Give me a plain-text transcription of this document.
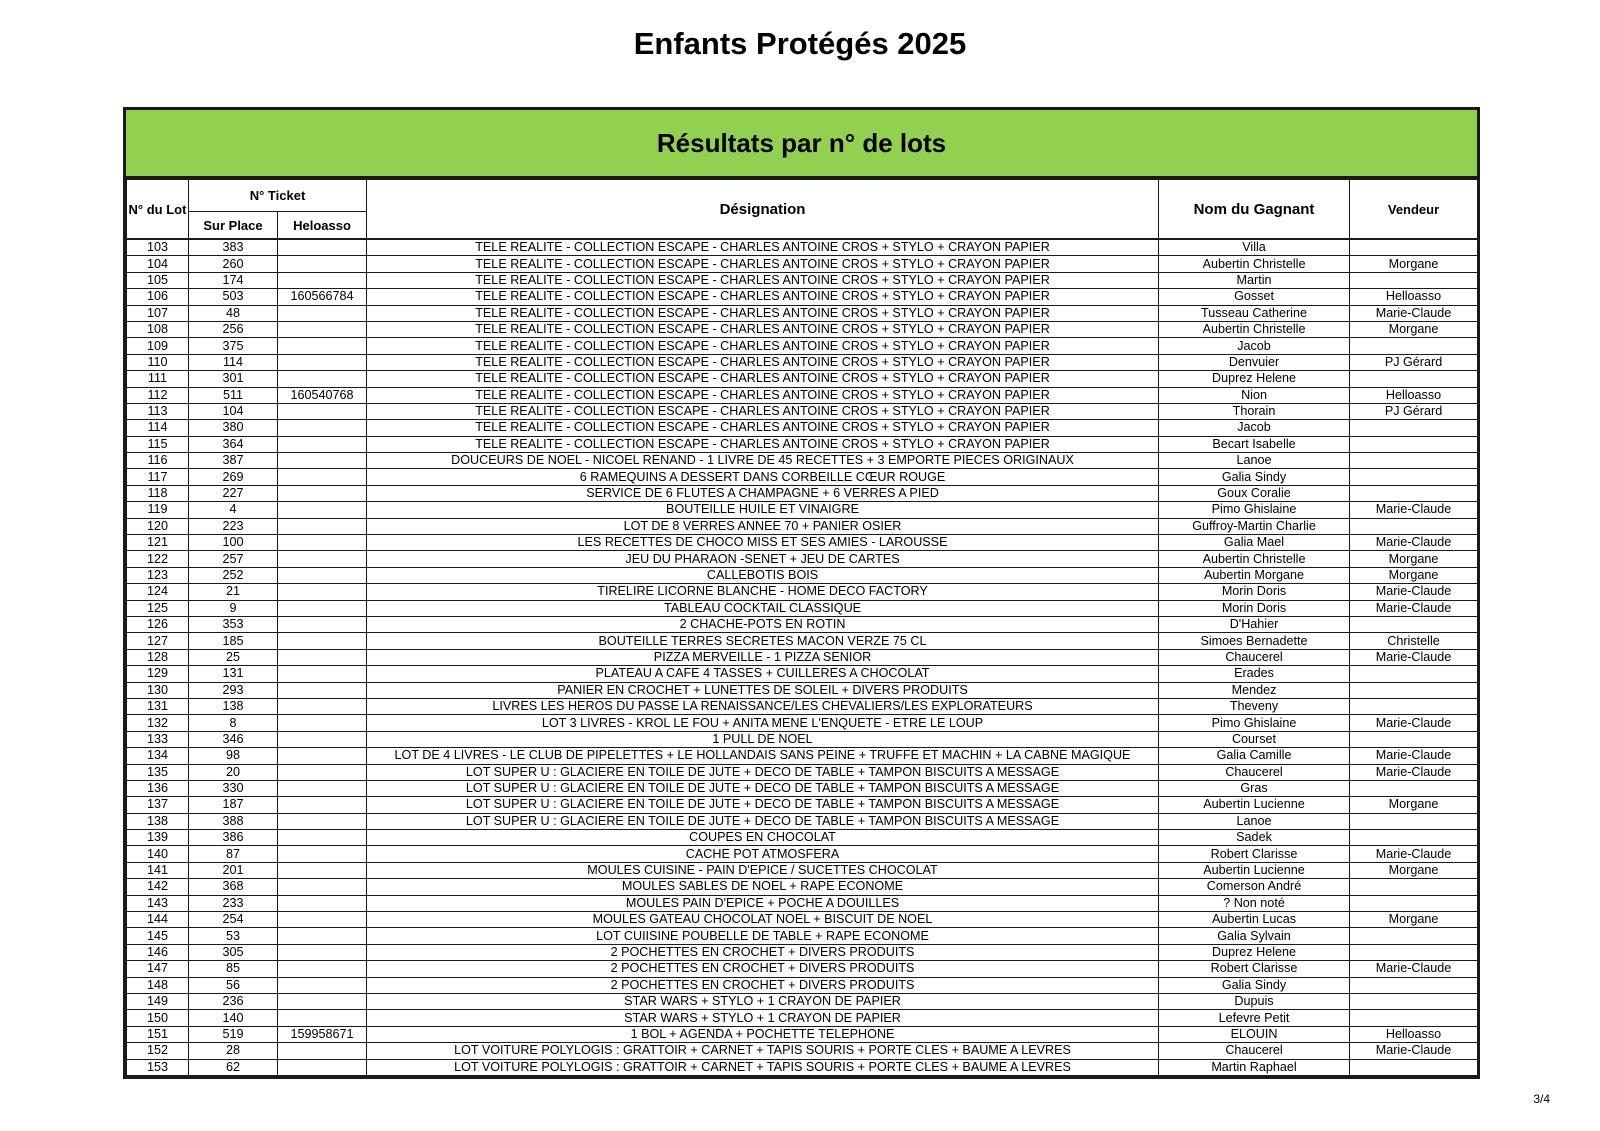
Enfants Protégés 2025
Résultats par n° de lots
N° du Lot	N° Ticket		Désignation	Nom du Gagnant	Vendeur
	Sur Place	Heloasso			
103	383		TELE REALITE - COLLECTION ESCAPE - CHARLES ANTOINE CROS + STYLO + CRAYON PAPIER	Villa	
104	260		TELE REALITE - COLLECTION ESCAPE - CHARLES ANTOINE CROS + STYLO + CRAYON PAPIER	Aubertin Christelle	Morgane
105	174		TELE REALITE - COLLECTION ESCAPE - CHARLES ANTOINE CROS + STYLO + CRAYON PAPIER	Martin	
106	503	160566784	TELE REALITE - COLLECTION ESCAPE - CHARLES ANTOINE CROS + STYLO + CRAYON PAPIER	Gosset	Helloasso
107	48		TELE REALITE - COLLECTION ESCAPE - CHARLES ANTOINE CROS + STYLO + CRAYON PAPIER	Tusseau Catherine	Marie-Claude
108	256		TELE REALITE - COLLECTION ESCAPE - CHARLES ANTOINE CROS + STYLO + CRAYON PAPIER	Aubertin Christelle	Morgane
109	375		TELE REALITE - COLLECTION ESCAPE - CHARLES ANTOINE CROS + STYLO + CRAYON PAPIER	Jacob	
110	114		TELE REALITE - COLLECTION ESCAPE - CHARLES ANTOINE CROS + STYLO + CRAYON PAPIER	Denvuier	PJ Gérard
111	301		TELE REALITE - COLLECTION ESCAPE - CHARLES ANTOINE CROS + STYLO + CRAYON PAPIER	Duprez Helene	
112	511	160540768	TELE REALITE - COLLECTION ESCAPE - CHARLES ANTOINE CROS + STYLO + CRAYON PAPIER	Nion	Helloasso
113	104		TELE REALITE - COLLECTION ESCAPE - CHARLES ANTOINE CROS + STYLO + CRAYON PAPIER	Thorain	PJ Gérard
114	380		TELE REALITE - COLLECTION ESCAPE - CHARLES ANTOINE CROS + STYLO + CRAYON PAPIER	Jacob	
115	364		TELE REALITE - COLLECTION ESCAPE - CHARLES ANTOINE CROS + STYLO + CRAYON PAPIER	Becart Isabelle	
116	387		DOUCEURS DE NOEL - NICOEL RENAND - 1 LIVRE DE 45 RECETTES + 3 EMPORTE PIECES ORIGINAUX	Lanoe	
117	269		6 RAMEQUINS A DESSERT DANS CORBEILLE CŒUR ROUGE	Galia Sindy	
118	227		SERVICE DE 6 FLUTES A CHAMPAGNE + 6 VERRES A PIED	Goux Coralie	
119	4		BOUTEILLE HUILE ET VINAIGRE	Pimo Ghislaine	Marie-Claude
120	223		LOT DE 8 VERRES ANNEE 70 + PANIER OSIER	Guffroy-Martin Charlie	
121	100		LES RECETTES DE CHOCO MISS ET SES AMIES - LAROUSSE	Galia Mael	Marie-Claude
122	257		JEU DU PHARAON -SENET + JEU DE CARTES	Aubertin Christelle	Morgane
123	252		CALLEBOTIS BOIS	Aubertin Morgane	Morgane
124	21		TIRELIRE LICORNE BLANCHE - HOME DECO FACTORY	Morin Doris	Marie-Claude
125	9		TABLEAU COCKTAIL CLASSIQUE	Morin Doris	Marie-Claude
126	353		2 CHACHE-POTS EN ROTIN	D'Hahier	
127	185		BOUTEILLE TERRES SECRETES MACON VERZE 75 CL	Simoes Bernadette	Christelle
128	25		PIZZA MERVEILLE - 1 PIZZA SENIOR	Chaucerel	Marie-Claude
129	131		PLATEAU A CAFE 4 TASSES + CUILLERES A CHOCOLAT	Erades	
130	293		PANIER EN CROCHET + LUNETTES DE SOLEIL + DIVERS PRODUITS	Mendez	
131	138		LIVRES LES HEROS DU PASSE LA RENAISSANCE/LES CHEVALIERS/LES EXPLORATEURS	Theveny	
132	8		LOT 3 LIVRES - KROL LE FOU + ANITA MENE L'ENQUETE - ETRE LE LOUP	Pimo Ghislaine	Marie-Claude
133	346		1 PULL DE NOEL	Courset	
134	98		LOT DE 4 LIVRES - LE CLUB DE PIPELETTES + LE HOLLANDAIS SANS PEINE + TRUFFE ET MACHIN + LA CABNE MAGIQUE	Galia Camille	Marie-Claude
135	20		LOT SUPER U : GLACIERE EN TOILE DE JUTE + DECO DE TABLE + TAMPON BISCUITS A MESSAGE	Chaucerel	Marie-Claude
136	330		LOT SUPER U : GLACIERE EN TOILE DE JUTE + DECO DE TABLE + TAMPON BISCUITS A MESSAGE	Gras	
137	187		LOT SUPER U : GLACIERE EN TOILE DE JUTE + DECO DE TABLE + TAMPON BISCUITS A MESSAGE	Aubertin Lucienne	Morgane
138	388		LOT SUPER U : GLACIERE EN TOILE DE JUTE + DECO DE TABLE + TAMPON BISCUITS A MESSAGE	Lanoe	
139	386		COUPES EN CHOCOLAT	Sadek	
140	87		CACHE POT ATMOSFERA	Robert Clarisse	Marie-Claude
141	201		MOULES CUISINE - PAIN D'EPICE / SUCETTES CHOCOLAT	Aubertin Lucienne	Morgane
142	368		MOULES SABLES DE NOEL + RAPE ECONOME	Comerson André	
143	233		MOULES PAIN D'EPICE + POCHE A DOUILLES	? Non noté	
144	254		MOULES GATEAU CHOCOLAT NOEL + BISCUIT DE NOEL	Aubertin Lucas	Morgane
145	53		LOT CUIISINE POUBELLE DE TABLE + RAPE ECONOME	Galia Sylvain	
146	305		2 POCHETTES EN CROCHET + DIVERS PRODUITS	Duprez Helene	
147	85		2 POCHETTES EN CROCHET + DIVERS PRODUITS	Robert Clarisse	Marie-Claude
148	56		2 POCHETTES EN CROCHET + DIVERS PRODUITS	Galia Sindy	
149	236		STAR WARS + STYLO + 1 CRAYON DE PAPIER	Dupuis	
150	140		STAR WARS + STYLO + 1 CRAYON DE PAPIER	Lefevre Petit	
151	519	159958671	1 BOL + AGENDA + POCHETTE TELEPHONE	ELOUIN	Helloasso
152	28		LOT VOITURE POLYLOGIS : GRATTOIR + CARNET + TAPIS SOURIS + PORTE CLES + BAUME A LEVRES	Chaucerel	Marie-Claude
153	62		LOT VOITURE POLYLOGIS : GRATTOIR + CARNET + TAPIS SOURIS + PORTE CLES + BAUME A LEVRES	Martin Raphael	
3/4
